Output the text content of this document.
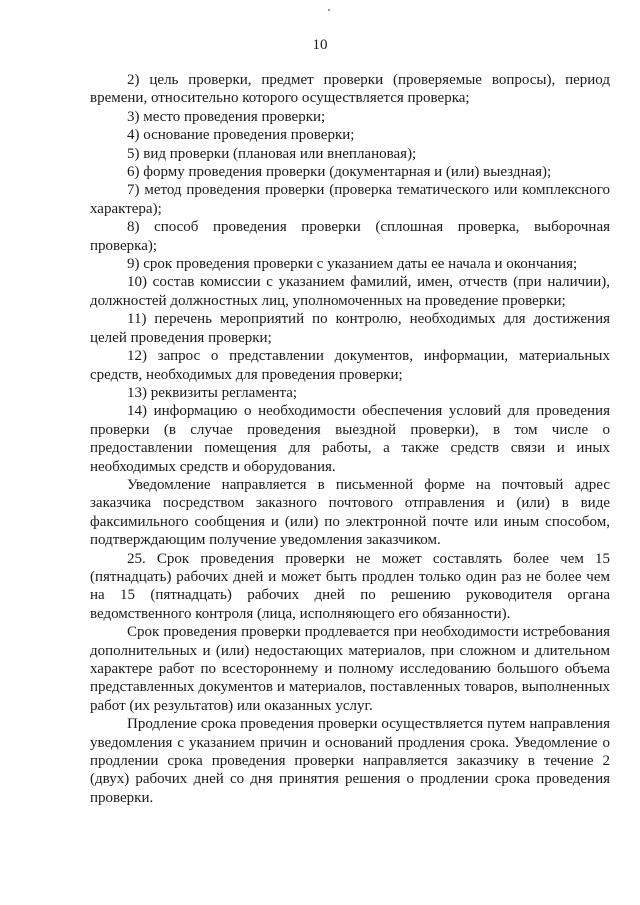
10

2) цель проверки, предмет проверки (проверяемые вопросы), период времени, относительно которого осуществляется проверка;

3) место проведения проверки;

4) основание проведения проверки;

5) вид проверки (плановая или внеплановая);

6) форму проведения проверки (документарная и (или) выездная);

7) метод проведения проверки (проверка тематического или комплексного характера);

8) способ проведения проверки (сплошная проверка, выборочная проверка);

9) срок проведения проверки с указанием даты ее начала и окончания;

10) состав комиссии с указанием фамилий, имен, отчеств (при наличии), должностей должностных лиц, уполномоченных на проведение проверки;

11) перечень мероприятий по контролю, необходимых для достижения целей проведения проверки;

12) запрос о представлении документов, информации, материальных средств, необходимых для проведения проверки;

13) реквизиты регламента;

14) информацию о необходимости обеспечения условий для проведения проверки (в случае проведения выездной проверки), в том числе о предоставлении помещения для работы, а также средств связи и иных необходимых средств и оборудования.

Уведомление направляется в письменной форме на почтовый адрес заказчика посредством заказного почтового отправления и (или) в виде факсимильного сообщения и (или) по электронной почте или иным способом, подтверждающим получение уведомления заказчиком.

25. Срок проведения проверки не может составлять более чем 15 (пятнадцать) рабочих дней и может быть продлен только один раз не более чем на 15 (пятнадцать) рабочих дней по решению руководителя органа ведомственного контроля (лица, исполняющего его обязанности).

Срок проведения проверки продлевается при необходимости истребования дополнительных и (или) недостающих материалов, при сложном и длительном характере работ по всестороннему и полному исследованию большого объема представленных документов и материалов, поставленных товаров, выполненных работ (их результатов) или оказанных услуг.

Продление срока проведения проверки осуществляется путем направления уведомления с указанием причин и оснований продления срока. Уведомление о продлении срока проведения проверки направляется заказчику в течение 2 (двух) рабочих дней со дня принятия решения о продлении срока проведения проверки.
